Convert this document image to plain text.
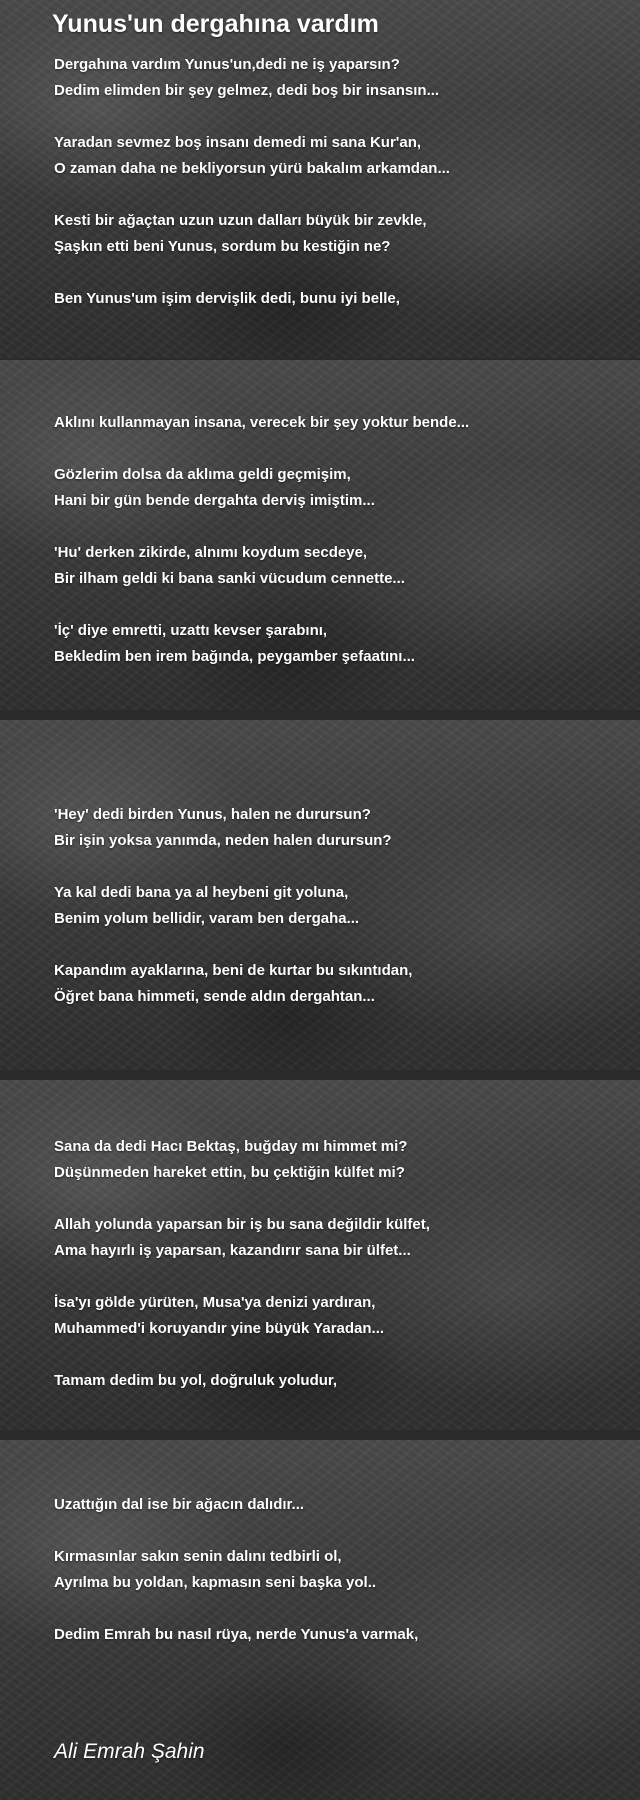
Yunus'un dergahına vardım

Dergahına vardım Yunus'un,dedi ne iş yaparsın?
Dedim elimden bir şey gelmez, dedi boş bir insansın...

Yaradan sevmez boş insanı demedi mi sana Kur'an,
O zaman daha ne bekliyorsun yürü bakalım arkamdan...

Kesti bir ağaçtan uzun uzun dalları büyük bir zevkle,
Şaşkın etti beni Yunus, sordum bu kestiğin ne?

Ben Yunus'um işim dervişlik dedi, bunu iyi belle,

Aklını kullanmayan insana, verecek bir şey yoktur bende...

Gözlerim dolsa da aklıma geldi geçmişim,
Hani bir gün bende dergahta derviş imiştim...

'Hu' derken zikirde, alnımı koydum secdeye,
Bir ilham geldi ki bana sanki vücudum cennette...

'İç' diye emretti, uzattı kevser şarabını,
Bekledim ben irem bağında, peygamber şefaatını...

'Hey' dedi birden Yunus, halen ne durursun?
Bir işin yoksa yanımda, neden halen durursun?

Ya kal dedi bana ya al heybeni git yoluna,
Benim yolum bellidir, varam ben dergaha...

Kapandım ayaklarına, beni de kurtar bu sıkıntıdan,
Öğret bana himmeti, sende aldın dergahtan...

Sana da dedi Hacı Bektaş, buğday mı himmet mi?
Düşünmeden hareket ettin, bu çektiğin külfet mi?

Allah yolunda yaparsan bir iş bu sana değildir külfet,
Ama hayırlı iş yaparsan, kazandırır sana bir ülfet...

İsa'yı gölde yürüten, Musa'ya denizi yardıran,
Muhammed'i koruyandır yine büyük Yaradan...

Tamam dedim bu yol, doğruluk yoludur,

Uzattığın dal ise bir ağacın dalıdır...

Kırmasınlar sakın senin dalını tedbirli ol,
Ayrılma bu yoldan, kapmasın seni başka yol..

Dedim Emrah bu nasıl rüya, nerde Yunus'a varmak,

Ali Emrah Şahin
